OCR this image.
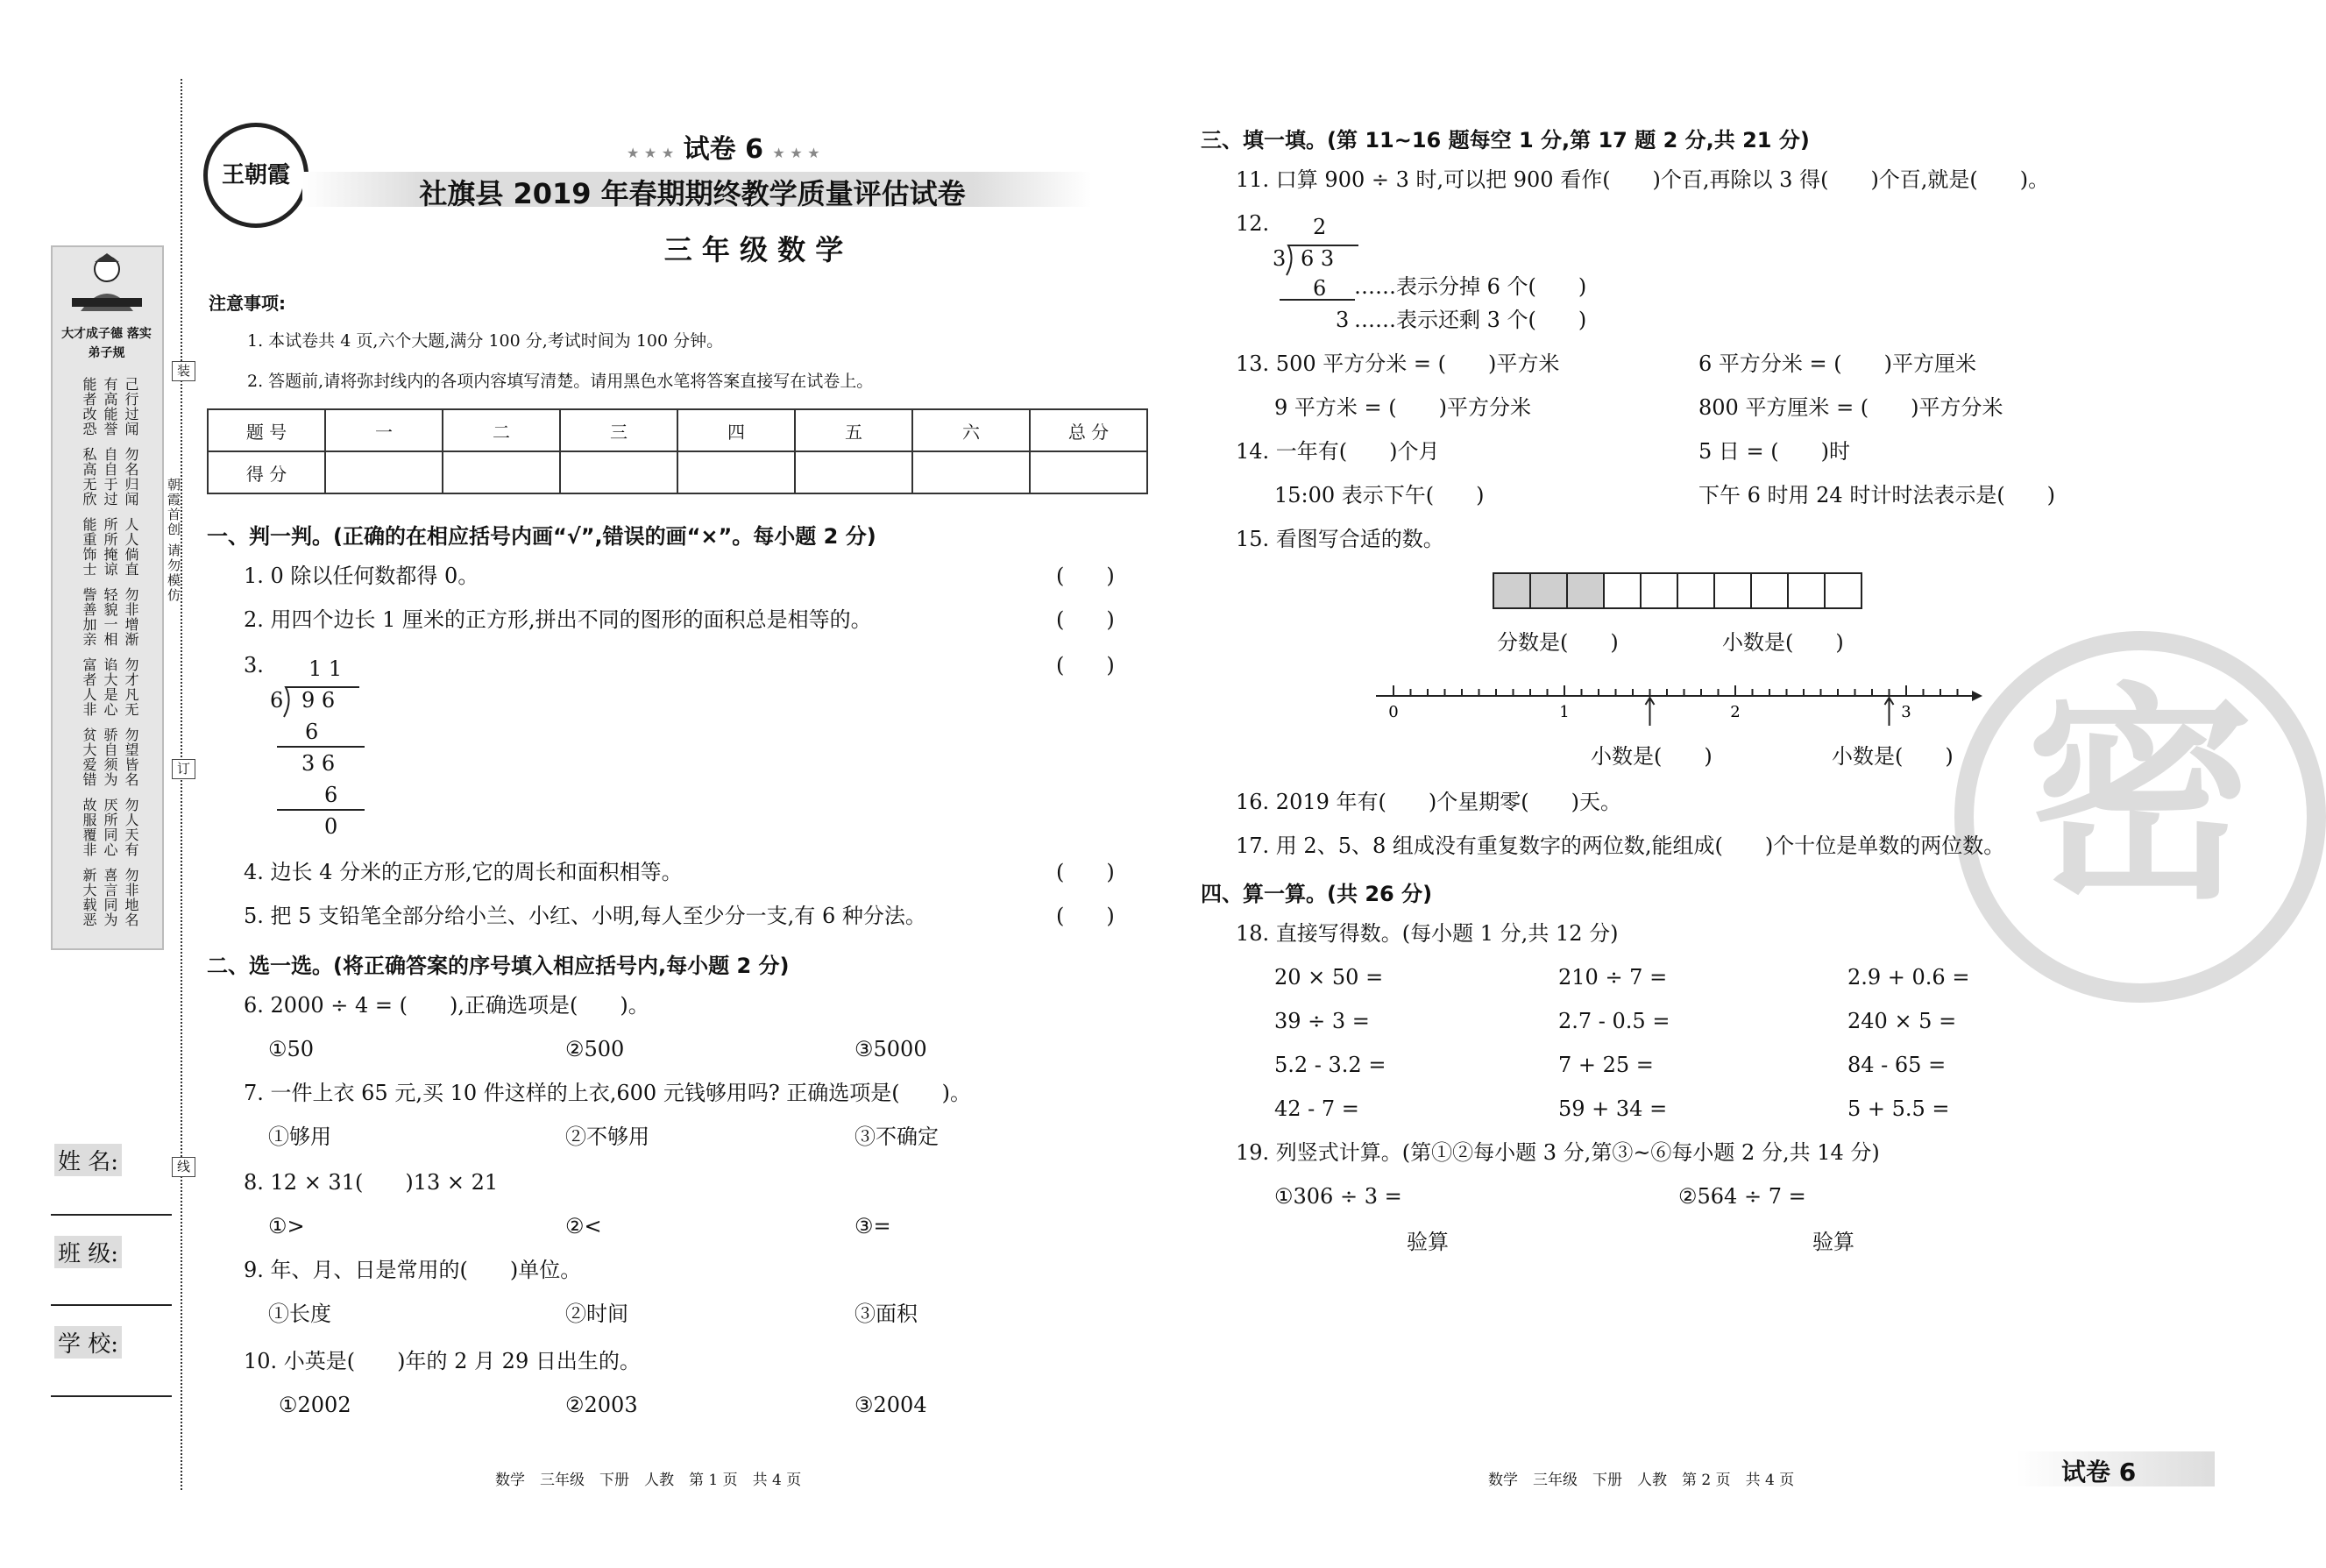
大才成子德 落实弟子规
己行过闻
有高能誉
能者改恐
勿名归闻
自自于过
私高无欣
人人倘直
所所掩谅
能重饰士
勿非增渐
轻貌一相
訾善加亲
勿才凡无
谄大是心
富者人非
勿望皆名
骄自须为
贫大爱错
勿人天有
厌所同心
故服覆非
勿非地名
喜言同为
新大载恶
装
订
线
朝霞首创 请勿模仿
姓 名:
班 级:
学 校:
王朝霞
★ ★ ★ 试卷 6 ★ ★ ★
社旗县 2019 年春期期终教学质量评估试卷
三 年 级 数 学
注意事项:
1. 本试卷共 4 页,六个大题,满分 100 分,考试时间为 100 分钟。
2. 答题前,请将弥封线内的各项内容填写清楚。请用黑色水笔将答案直接写在试卷上。
题 号	一	二	三	四	五	六	总 分
得 分							
一、判一判。(正确的在相应括号内画“√”,错误的画“×”。每小题 2 分)
1. 0 除以任何数都得 0。	(　　)
2. 用四个边长 1 厘米的正方形,拼出不同的图形的面积总是相等的。	(　　)
3.	(　　)
1 1
6 9 6
6
3 6
6
0
4. 边长 4 分米的正方形,它的周长和面积相等。	(　　)
5. 把 5 支铅笔全部分给小兰、小红、小明,每人至少分一支,有 6 种分法。	(　　)
二、选一选。(将正确答案的序号填入相应括号内,每小题 2 分)
6. 2000 ÷ 4 = (　　),正确选项是(　　)。
①50	②500	③5000
7. 一件上衣 65 元,买 10 件这样的上衣,600 元钱够用吗? 正确选项是(　　)。
①够用	②不够用	③不确定
8. 12 × 31(　　)13 × 21
①>	②<	③=
9. 年、月、日是常用的(　　)单位。
①长度	②时间	③面积
10. 小英是(　　)年的 2 月 29 日出生的。
①2002	②2003	③2004
数学　三年级　下册　人教　第 1 页　共 4 页
密
三、填一填。(第 11~16 题每空 1 分,第 17 题 2 分,共 21 分)
11. 口算 900 ÷ 3 时,可以把 900 看作(　　)个百,再除以 3 得(　　)个百,就是(　　)。
12. 2
3 6 3
6
3
……表示分掉 6 个(　　)
……表示还剩 3 个(　　)
13. 500 平方分米 = (　　)平方米	6 平方分米 = (　　)平方厘米
9 平方米 = (　　)平方分米	800 平方厘米 = (　　)平方分米
14. 一年有(　　)个月	5 日 = (　　)时
15:00 表示下午(　　)	下午 6 时用 24 时计时法表示是(　　)
15. 看图写合适的数。
分数是(　　)	小数是(　　)
0	1	2	3
小数是(　　)	小数是(　　)
16. 2019 年有(　　)个星期零(　　)天。
17. 用 2、5、8 组成没有重复数字的两位数,能组成(　　)个十位是单数的两位数。
四、算一算。(共 26 分)
18. 直接写得数。(每小题 1 分,共 12 分)
20 × 50 =	210 ÷ 7 =	2.9 + 0.6 =
39 ÷ 3 =	2.7 - 0.5 =	240 × 5 =
5.2 - 3.2 =	7 + 25 =	84 - 65 =
42 - 7 =	59 + 34 =	5 + 5.5 =
19. 列竖式计算。(第①②每小题 3 分,第③~⑥每小题 2 分,共 14 分)
①306 ÷ 3 =	②564 ÷ 7 =
验算	验算
数学　三年级　下册　人教　第 2 页　共 4 页	试卷 6
